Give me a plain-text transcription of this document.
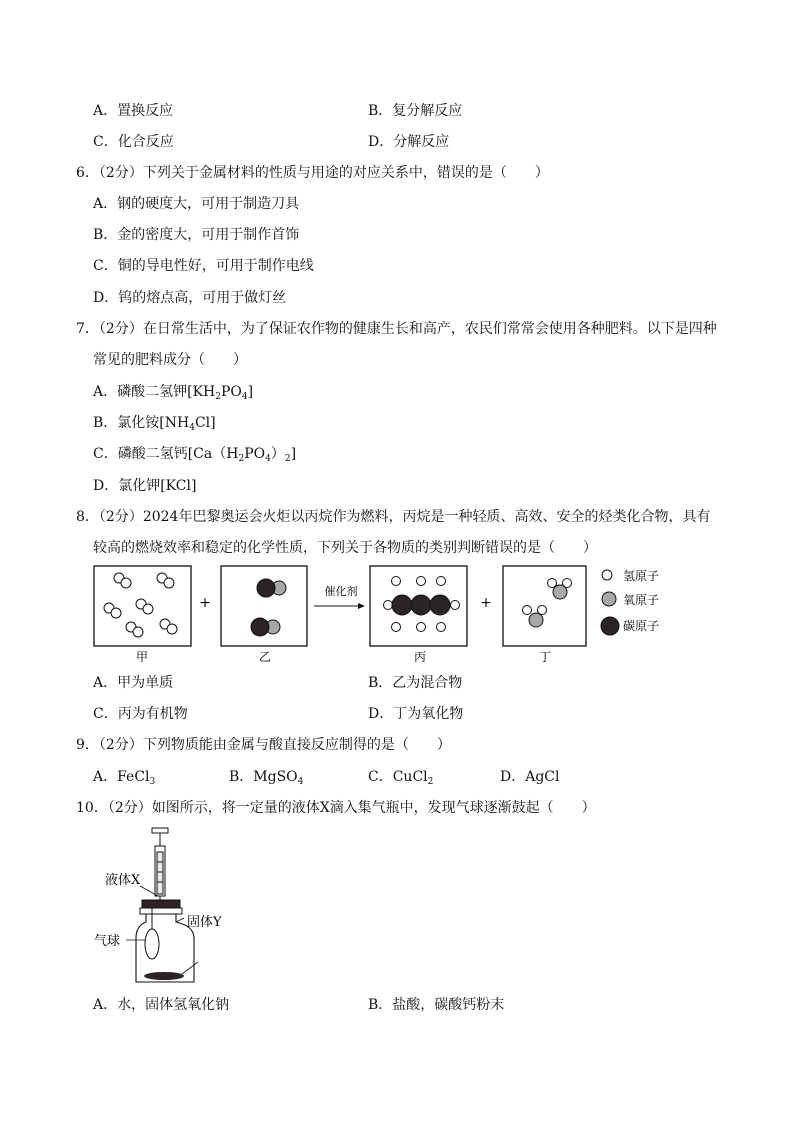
A．置换反应	B．复分解反应
C．化合反应	D．分解反应
6．（2分）下列关于金属材料的性质与用途的对应关系中，错误的是（　　）
A．钢的硬度大，可用于制造刀具
B．金的密度大，可用于制作首饰
C．铜的导电性好，可用于制作电线
D．钨的熔点高，可用于做灯丝
7．（2分）在日常生活中，为了保证农作物的健康生长和高产，农民们常常会使用各种肥料。以下是四种
常见的肥料成分（　　）
A．磷酸二氢钾$[KH_2PO_4]$
B．氯化铵$[NH_4Cl]$
C．磷酸二氢钙$[Ca(H_2PO_4)_2]$
D．氯化钾[KCl]
8．（2分）2024年巴黎奥运会火炬以丙烷作为燃料，丙烷是一种轻质、高效、安全的烃类化合物，具有
较高的燃烧效率和稳定的化学性质，下列关于各物质的类别判断错误的是（　　）
甲
+
乙
催化剂
丙
+
丁
氢原子
氧原子
碳原子
A．甲为单质	B．乙为混合物
C．丙为有机物	D．丁为氧化物
9．（2分）下列物质能由金属与酸直接反应制得的是（　　）
A．FeCl$_3$	B．MgSO$_4$	C．CuCl$_2$	D．AgCl
10．（2分）如图所示，将一定量的液体X滴入集气瓶中，发现气球逐渐鼓起（　　）
液体X
固体Y
气球
A．水，固体氢氧化钠	B．盐酸，碳酸钙粉末
